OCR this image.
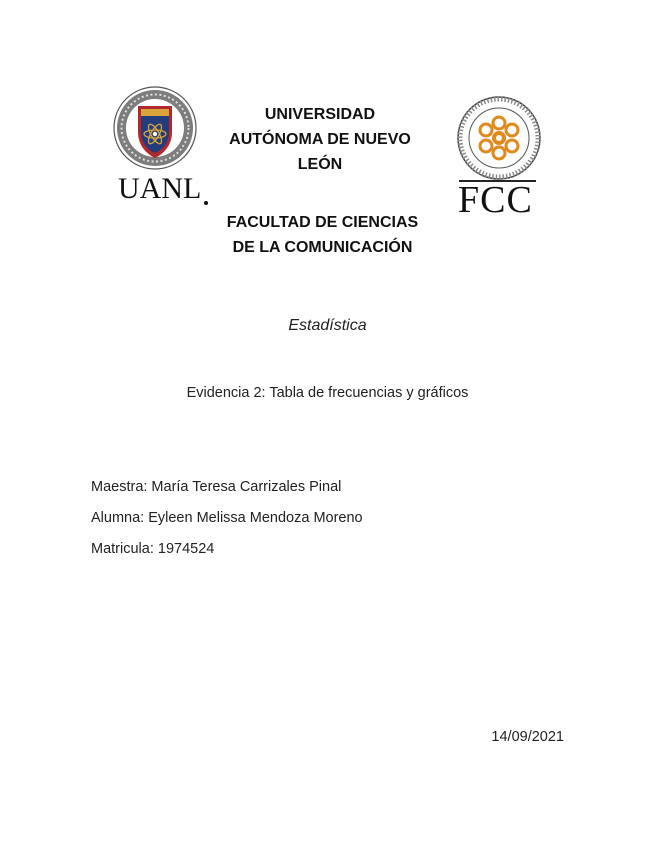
UANL
UNIVERSIDAD
AUTÓNOMA DE NUEVO
LEÓN
FCC
FACULTAD DE CIENCIAS
DE LA COMUNICACIÓN
Estadística
Evidencia 2: Tabla de frecuencias y gráficos
Maestra: María Teresa Carrizales Pinal
Alumna: Eyleen Melissa Mendoza Moreno
Matricula: 1974524
14/09/2021
